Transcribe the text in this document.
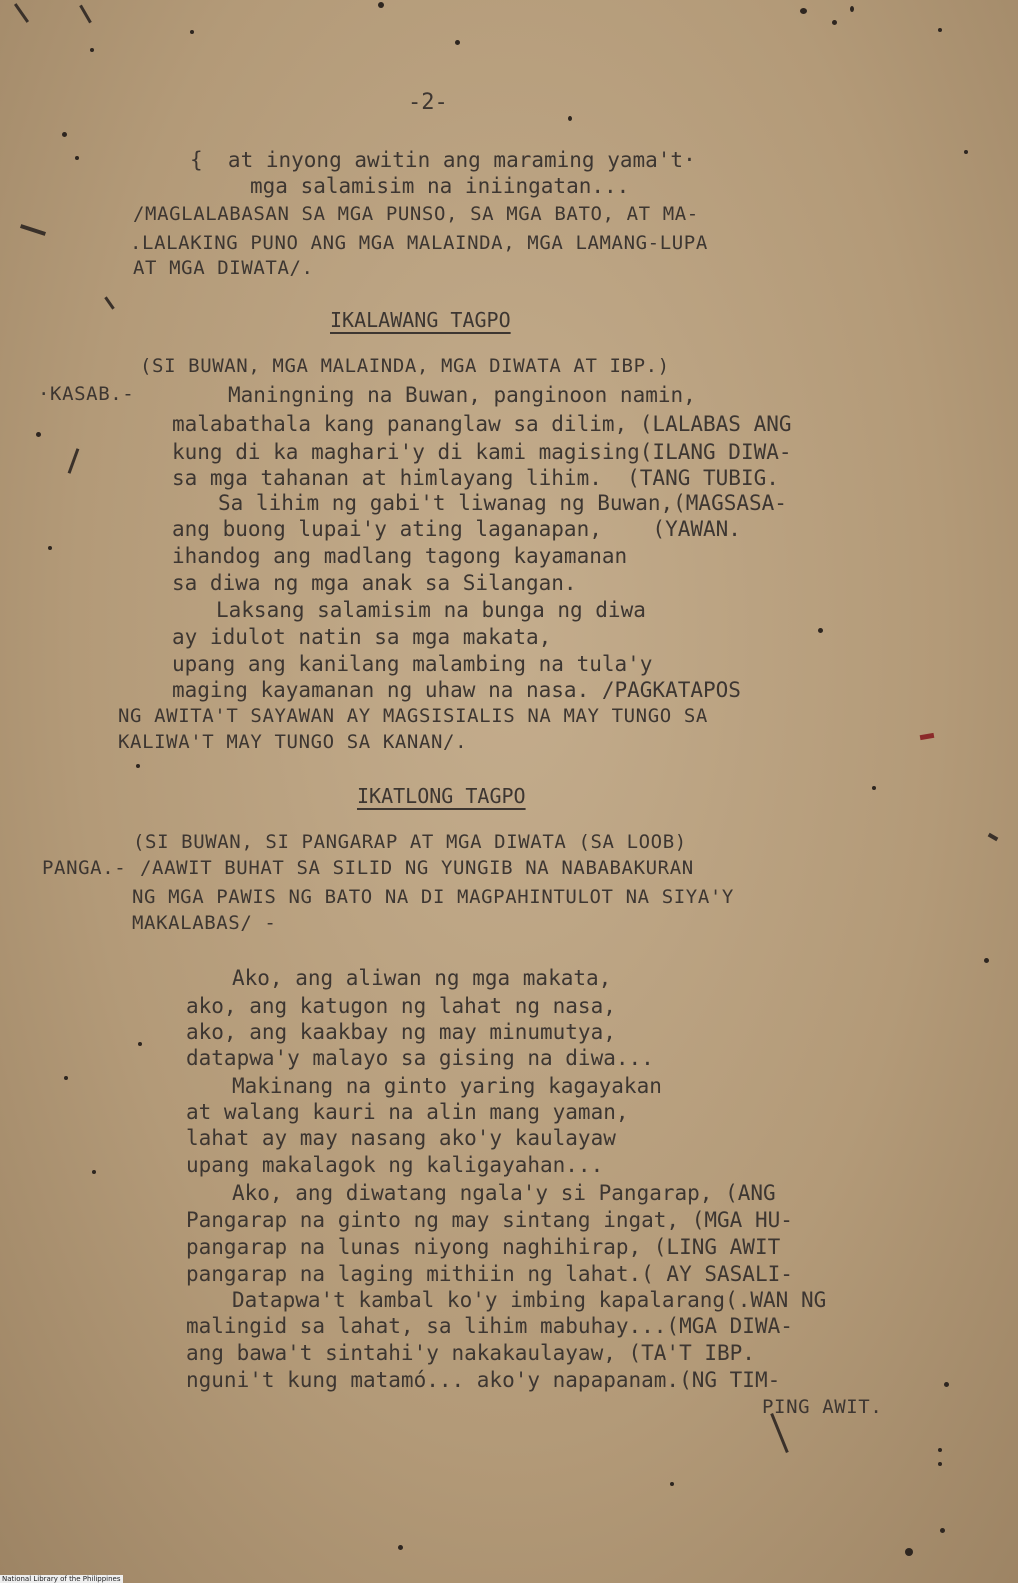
-2-
{  at inyong awitin ang maraming yama't·
mga salamisim na iniingatan...
/MAGLALABASAN SA MGA PUNSO, SA MGA BATO, AT MA-
.LALAKING PUNO ANG MGA MALAINDA, MGA LAMANG-LUPA
AT MGA DIWATA/.
IKALAWANG TAGPO
(SI BUWAN, MGA MALAINDA, MGA DIWATA AT IBP.)
·KASAB.-	Maningning na Buwan, panginoon namin,
malabathala kang pananglaw sa dilim, (LALABAS ANG
kung di ka maghari'y di kami magising(ILANG DIWA-
sa mga tahanan at himlayang lihim.  (TANG TUBIG.
Sa lihim ng gabi't liwanag ng Buwan,(MAGSASA-
ang buong lupai'y ating laganapan,    (YAWAN.
ihandog ang madlang tagong kayamanan
sa diwa ng mga anak sa Silangan.
Laksang salamisim na bunga ng diwa
ay idulot natin sa mga makata,
upang ang kanilang malambing na tula'y
maging kayamanan ng uhaw na nasa. /PAGKATAPOS
NG AWITA'T SAYAWAN AY MAGSISIALIS NA MAY TUNGO SA
KALIWA'T MAY TUNGO SA KANAN/.
IKATLONG TAGPO
(SI BUWAN, SI PANGARAP AT MGA DIWATA (SA LOOB)
PANGA.- /AAWIT BUHAT SA SILID NG YUNGIB NA NABABAKURAN
NG MGA PAWIS NG BATO NA DI MAGPAHINTULOT NA SIYA'Y
MAKALABAS/ -
Ako, ang aliwan ng mga makata,
ako, ang katugon ng lahat ng nasa,
ako, ang kaakbay ng may minumutya,
datapwa'y malayo sa gising na diwa...
Makinang na ginto yaring kagayakan
at walang kauri na alin mang yaman,
lahat ay may nasang ako'y kaulayaw
upang makalagok ng kaligayahan...
Ako, ang diwatang ngala'y si Pangarap, (ANG
Pangarap na ginto ng may sintang ingat, (MGA HU-
pangarap na lunas niyong naghihirap, (LING AWIT
pangarap na laging mithiin ng lahat.( AY SASALI-
Datapwa't kambal ko'y imbing kapalarang(.WAN NG
malingid sa lahat, sa lihim mabuhay...(MGA DIWA-
ang bawa't sintahi'y nakakaulayaw, (TA'T IBP.
nguni't kung matamó... ako'y napapanam.(NG TIM-
PING AWIT.
National Library of the Philippines
